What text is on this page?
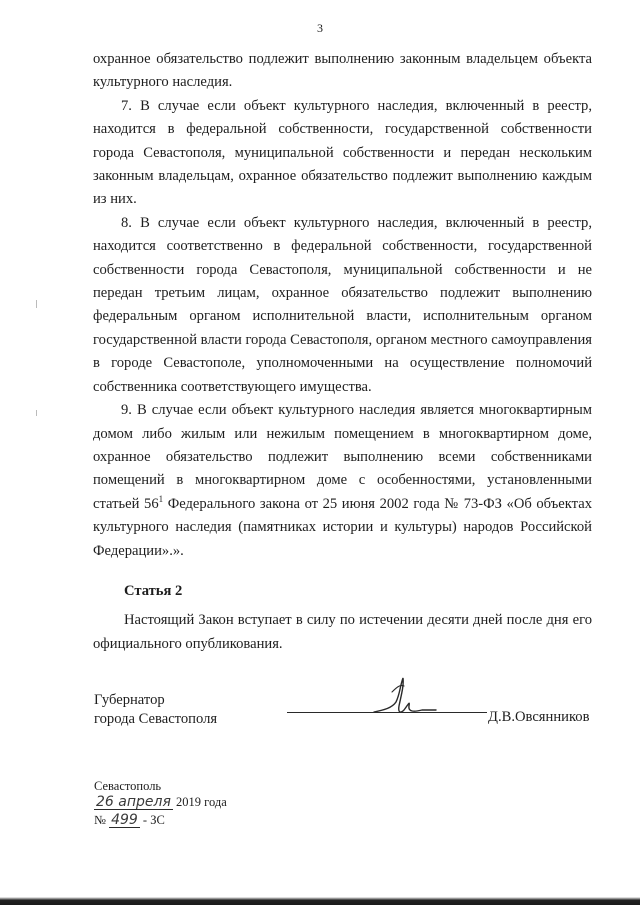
3

охранное обязательство подлежит выполнению законным владельцем объекта культурного наследия.

7. В случае если объект культурного наследия, включенный в реестр, находится в федеральной собственности, государственной собственности города Севастополя, муниципальной собственности и передан нескольким законным владельцам, охранное обязательство подлежит выполнению каждым из них.

8. В случае если объект культурного наследия, включенный в реестр, находится соответственно в федеральной собственности, государственной собственности города Севастополя, муниципальной собственности и не передан третьим лицам, охранное обязательство подлежит выполнению федеральным органом исполнительной власти, исполнительным органом государственной власти города Севастополя, органом местного самоуправления в городе Севастополе, уполномоченными на осуществление полномочий собственника соответствующего имущества.

9. В случае если объект культурного наследия является многоквартирным домом либо жилым или нежилым помещением в многоквартирном доме, охранное обязательство подлежит выполнению всеми собственниками помещений в многоквартирном доме с особенностями, установленными статьей $56^1$ Федерального закона от 25 июня 2002 года № 73-ФЗ «Об объектах культурного наследия (памятниках истории и культуры) народов Российской Федерации».».

Статья 2
Настоящий Закон вступает в силу по истечении десяти дней после дня его официального опубликования.
Губернатор
города Севастополя	Д.В.Овсянников
Севастополь
26 апреля 2019 года
№ 499 - ЗС
